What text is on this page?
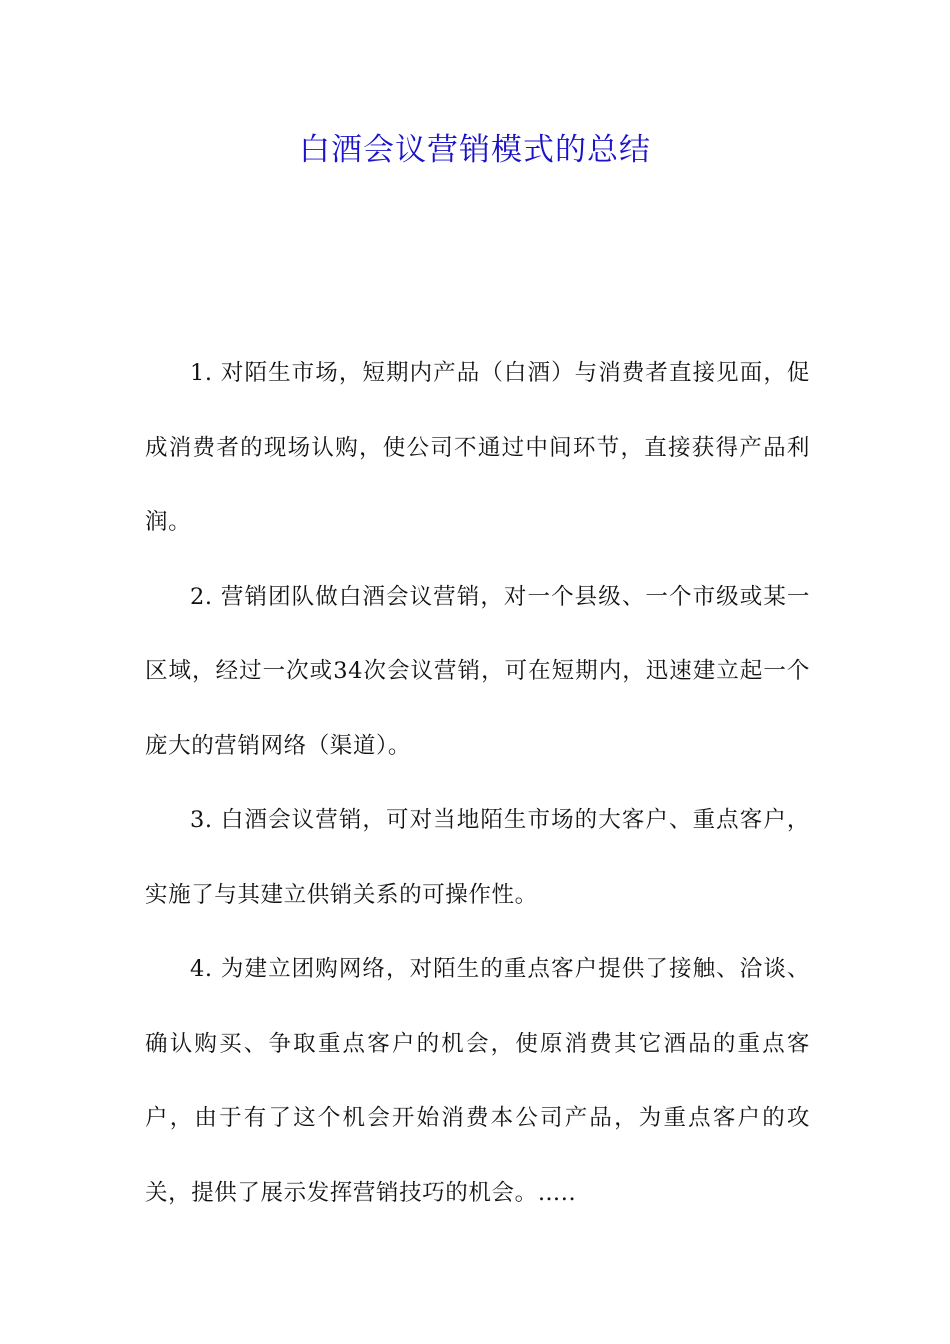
白酒会议营销模式的总结

1. 对陌生市场，短期内产品（白酒）与消费者直接见面，促成消费者的现场认购，使公司不通过中间环节，直接获得产品利润。

2. 营销团队做白酒会议营销，对一个县级、一个市级或某一区域，经过一次或34次会议营销，可在短期内，迅速建立起一个庞大的营销网络（渠道）。

3. 白酒会议营销，可对当地陌生市场的大客户、重点客户，实施了与其建立供销关系的可操作性。

4. 为建立团购网络，对陌生的重点客户提供了接触、洽谈、确认购买、争取重点客户的机会，使原消费其它酒品的重点客户，由于有了这个机会开始消费本公司产品，为重点客户的攻关，提供了展示发挥营销技巧的机会。…..
